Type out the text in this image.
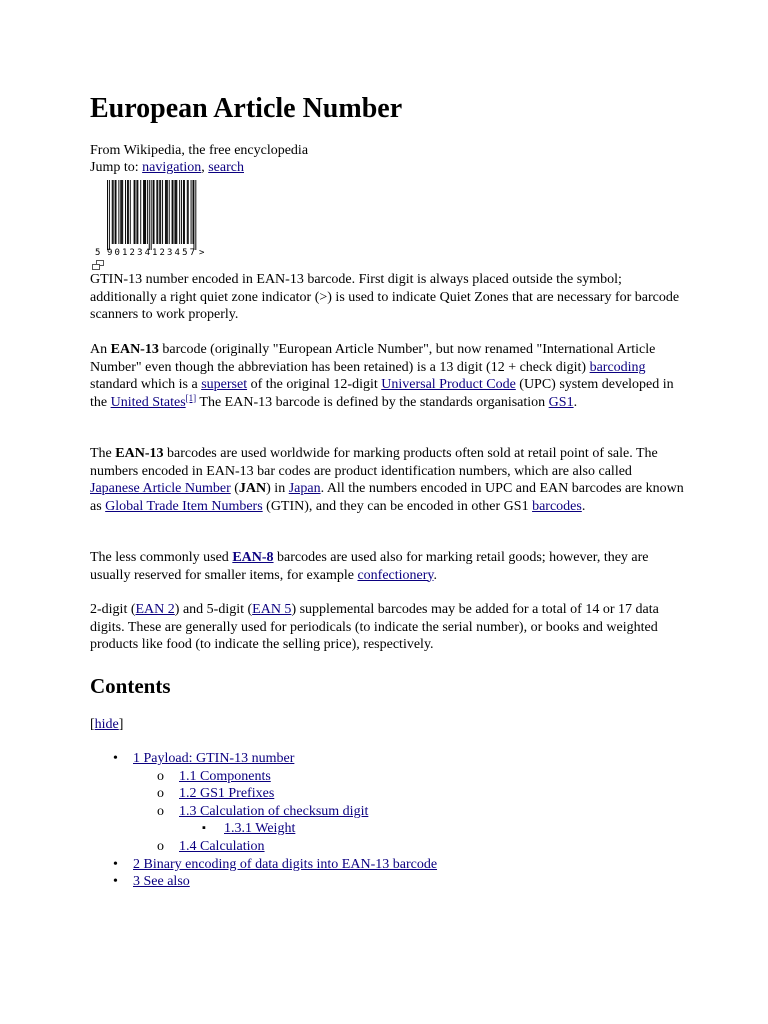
European Article Number
From Wikipedia, the free encyclopedia
Jump to: navigation, search
5 901234 123457 >

GTIN-13 number encoded in EAN-13 barcode. First digit is always placed outside the symbol; additionally a right quiet zone indicator (>) is used to indicate Quiet Zones that are necessary for barcode scanners to work properly.

An EAN-13 barcode (originally "European Article Number", but now renamed "International Article Number" even though the abbreviation has been retained) is a 13 digit (12 + check digit) barcoding standard which is a superset of the original 12-digit Universal Product Code (UPC) system developed in the United States[1] The EAN-13 barcode is defined by the standards organisation GS1.

The EAN-13 barcodes are used worldwide for marking products often sold at retail point of sale. The numbers encoded in EAN-13 bar codes are product identification numbers, which are also called Japanese Article Number (JAN) in Japan. All the numbers encoded in UPC and EAN barcodes are known as Global Trade Item Numbers (GTIN), and they can be encoded in other GS1 barcodes.

The less commonly used EAN-8 barcodes are used also for marking retail goods; however, they are usually reserved for smaller items, for example confectionery.

2-digit (EAN 2) and 5-digit (EAN 5) supplemental barcodes may be added for a total of 14 or 17 data digits. These are generally used for periodicals (to indicate the serial number), or books and weighted products like food (to indicate the selling price), respectively.

Contents
[hide]
• 1 Payload: GTIN-13 number
o 1.1 Components
o 1.2 GS1 Prefixes
o 1.3 Calculation of checksum digit
▪ 1.3.1 Weight
o 1.4 Calculation
• 2 Binary encoding of data digits into EAN-13 barcode
• 3 See also
